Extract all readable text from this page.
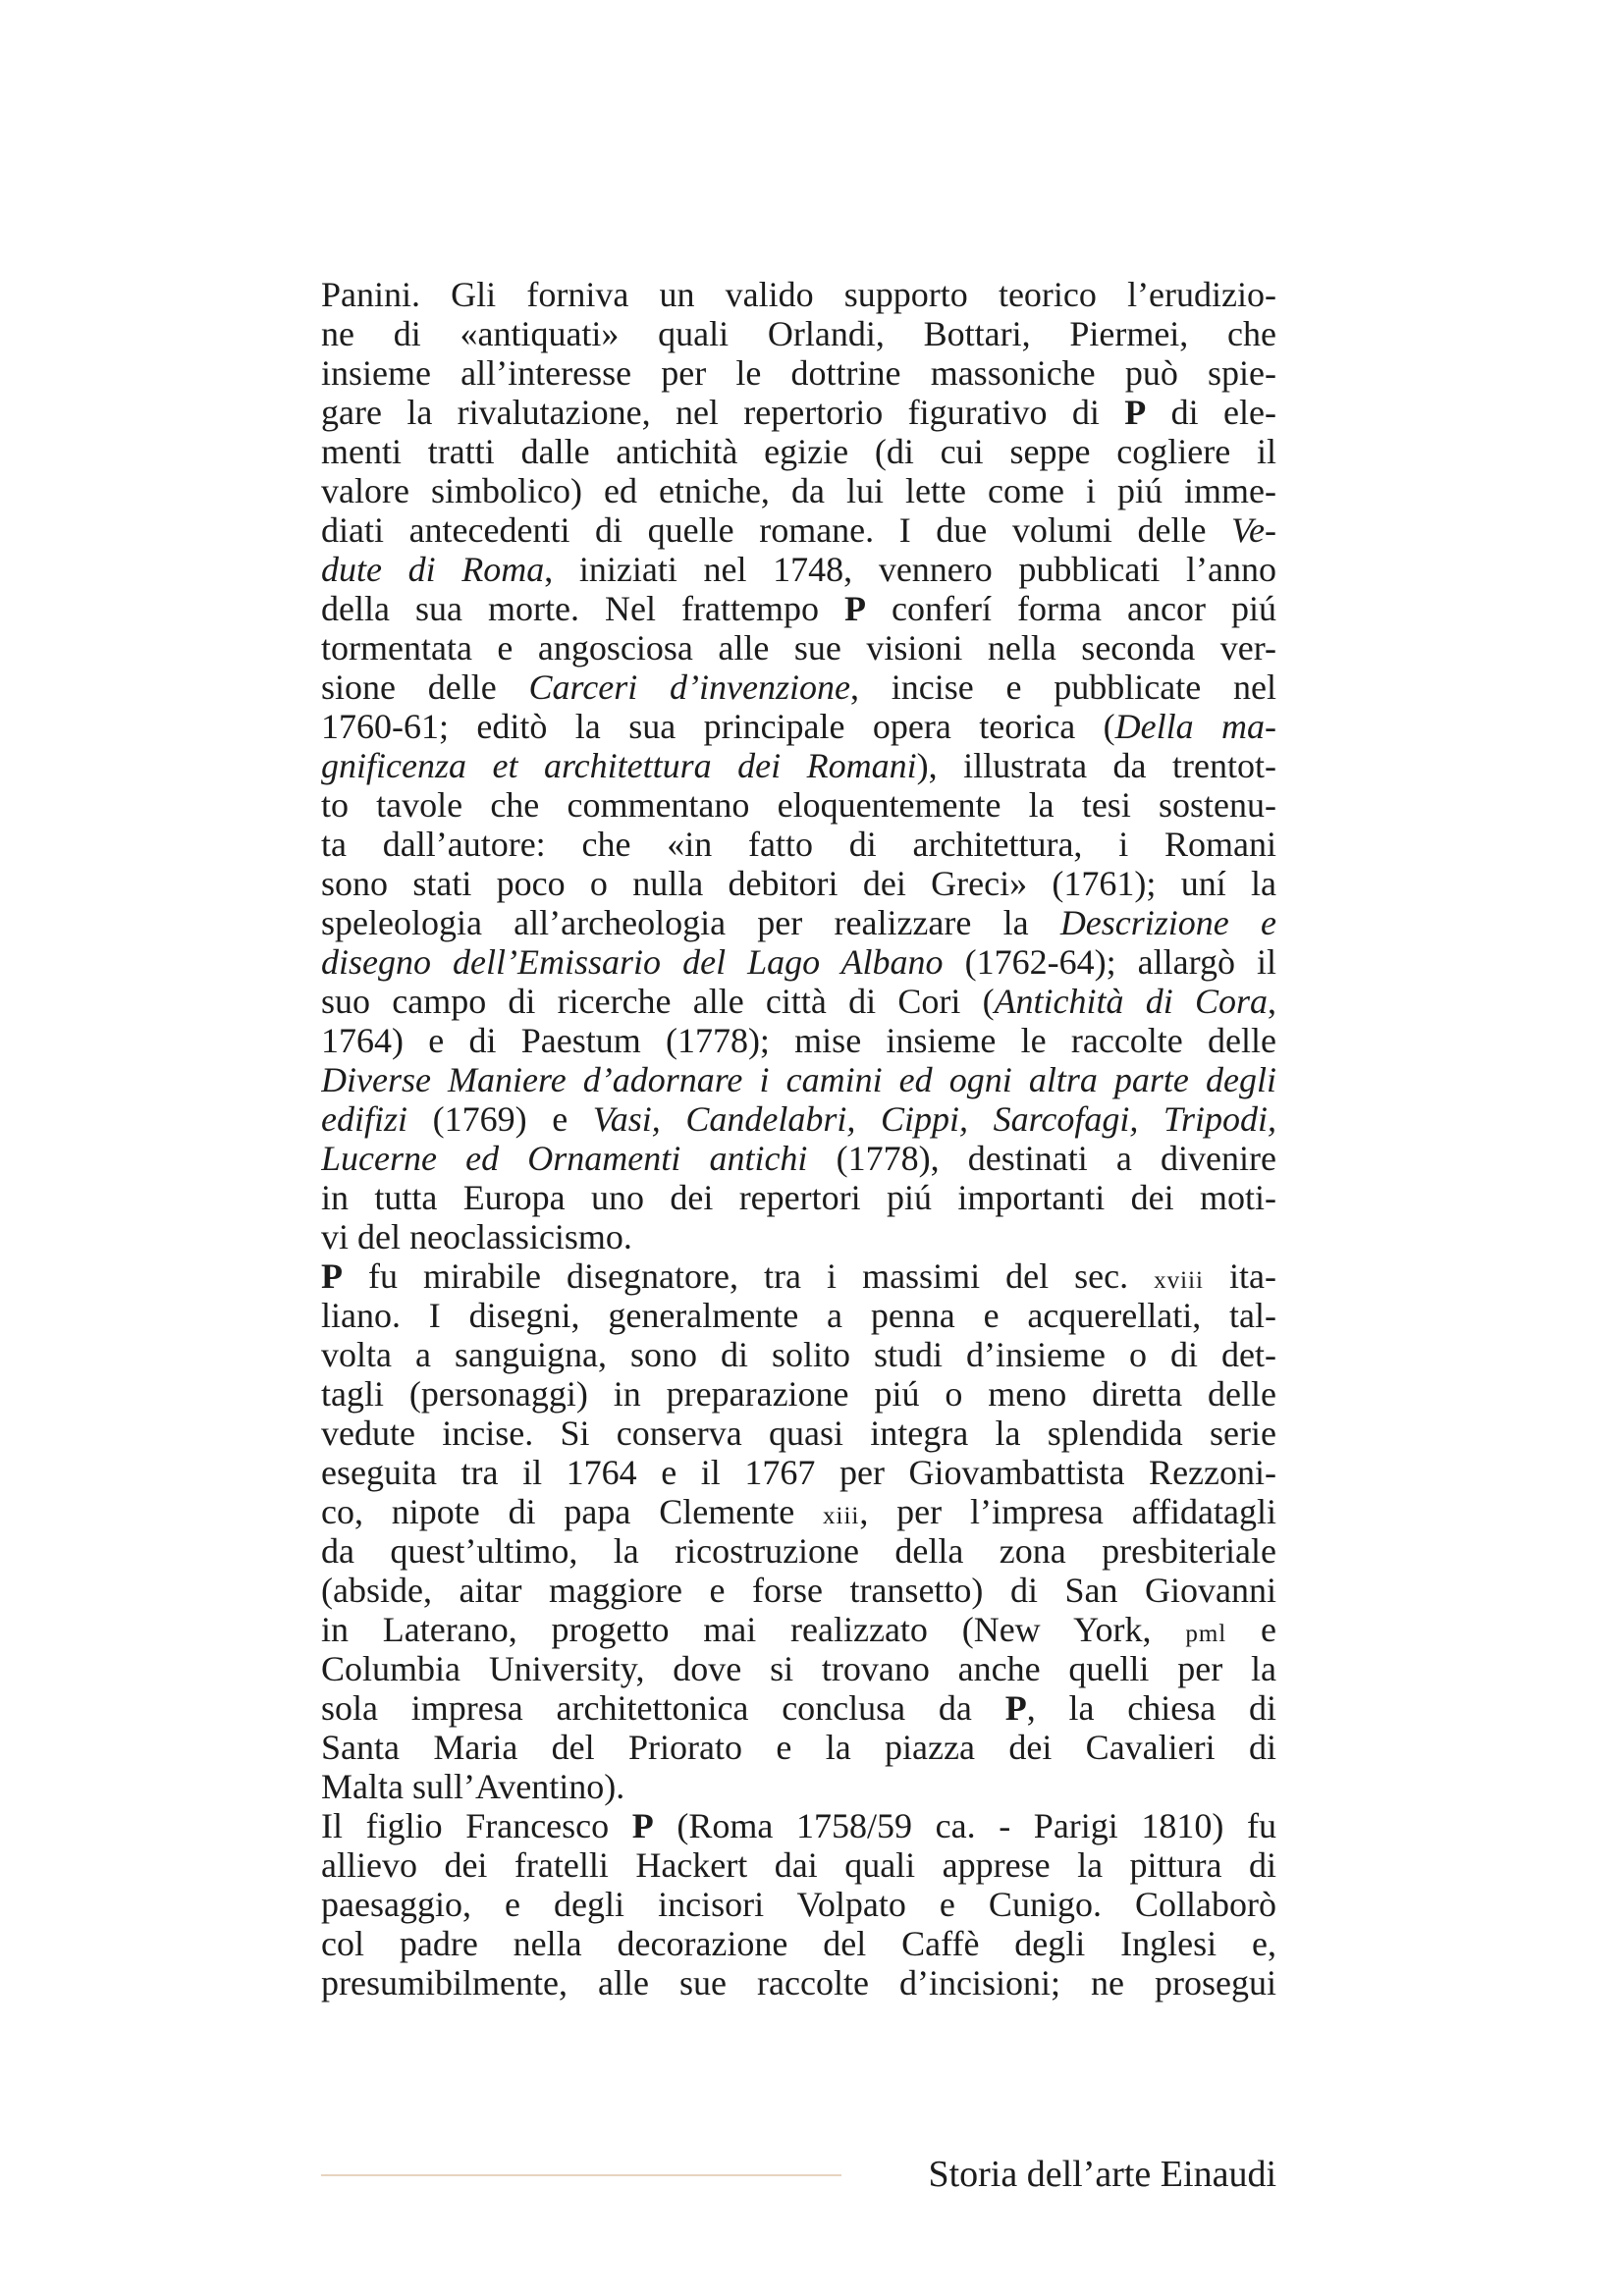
Panini. Gli forniva un valido supporto teorico l’erudizio-
ne di «antiquati» quali Orlandi, Bottari, Piermei, che
insieme all’interesse per le dottrine massoniche può spie-
gare la rivalutazione, nel repertorio figurativo di P di ele-
menti tratti dalle antichità egizie (di cui seppe cogliere il
valore simbolico) ed etniche, da lui lette come i piú imme-
diati antecedenti di quelle romane. I due volumi delle Ve-
dute di Roma, iniziati nel 1748, vennero pubblicati l’anno
della sua morte. Nel frattempo P conferí forma ancor piú
tormentata e angosciosa alle sue visioni nella seconda ver-
sione delle Carceri d’invenzione, incise e pubblicate nel
1760-61; editò la sua principale opera teorica (Della ma-
gnificenza et architettura dei Romani), illustrata da trentot-
to tavole che commentano eloquentemente la tesi sostenu-
ta dall’autore: che «in fatto di architettura, i Romani
sono stati poco o nulla debitori dei Greci» (1761); uní la
speleologia all’archeologia per realizzare la Descrizione e
disegno dell’Emissario del Lago Albano (1762-64); allargò il
suo campo di ricerche alle città di Cori (Antichità di Cora,
1764) e di Paestum (1778); mise insieme le raccolte delle
Diverse Maniere d’adornare i camini ed ogni altra parte degli
edifizi (1769) e Vasi, Candelabri, Cippi, Sarcofagi, Tripodi,
Lucerne ed Ornamenti antichi (1778), destinati a divenire
in tutta Europa uno dei repertori piú importanti dei moti-
vi del neoclassicismo.
P fu mirabile disegnatore, tra i massimi del sec. xviii ita-
liano. I disegni, generalmente a penna e acquerellati, tal-
volta a sanguigna, sono di solito studi d’insieme o di det-
tagli (personaggi) in preparazione piú o meno diretta delle
vedute incise. Si conserva quasi integra la splendida serie
eseguita tra il 1764 e il 1767 per Giovambattista Rezzoni-
co, nipote di papa Clemente xiii, per l’impresa affidatagli
da quest’ultimo, la ricostruzione della zona presbiteriale
(abside, aitar maggiore e forse transetto) di San Giovanni
in Laterano, progetto mai realizzato (New York, pml e
Columbia University, dove si trovano anche quelli per la
sola impresa architettonica conclusa da P, la chiesa di
Santa Maria del Priorato e la piazza dei Cavalieri di
Malta sull’Aventino).
Il figlio Francesco P (Roma 1758/59 ca. - Parigi 1810) fu
allievo dei fratelli Hackert dai quali apprese la pittura di
paesaggio, e degli incisori Volpato e Cunigo. Collaborò
col padre nella decorazione del Caffè degli Inglesi e,
presumibilmente, alle sue raccolte d’incisioni; ne prosegui
Storia dell’arte Einaudi
